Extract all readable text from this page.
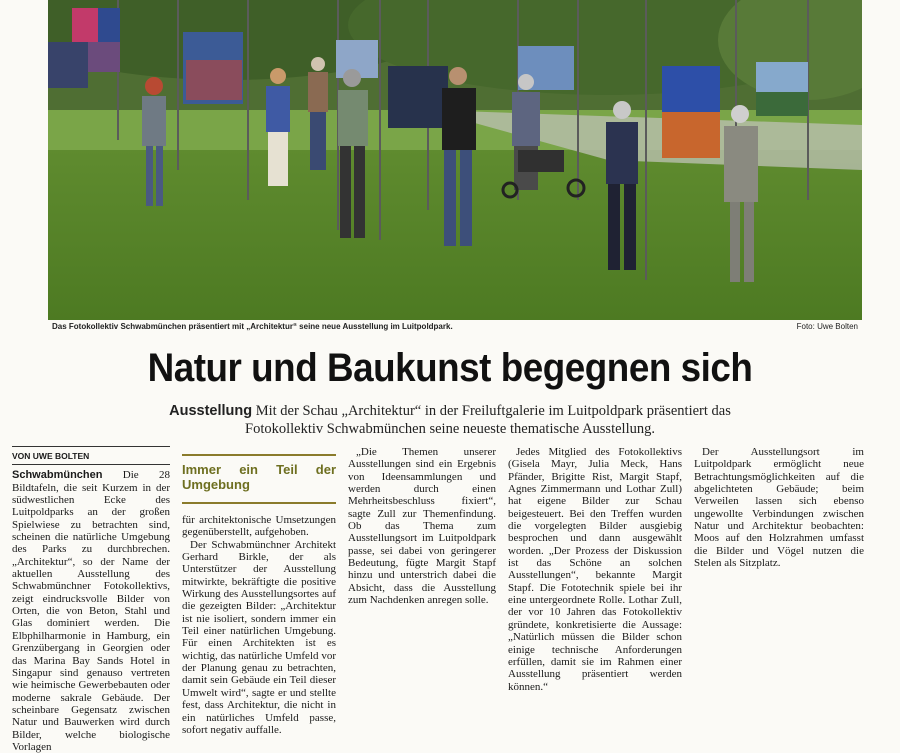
Das Fotokollektiv Schwabmünchen präsentiert mit „Architektur“ seine neue Ausstellung im Luitpoldpark.	Foto: Uwe Bolten
Natur und Baukunst begegnen sich
Ausstellung Mit der Schau „Architektur“ in der Freiluftgalerie im Luitpoldpark präsentiert das Fotokollektiv Schwabmünchen seine neueste thematische Ausstellung.
VON UWE BOLTEN

Schwabmünchen Die 28 Bildtafeln, die seit Kurzem in der südwestlichen Ecke des Luitpoldparks an der großen Spielwiese zu betrachten sind, scheinen die natürliche Umgebung des Parks zu durchbrechen. „Architektur“, so der Name der aktuellen Ausstellung des Schwabmünchner Fotokollektivs, zeigt eindrucksvolle Bilder von Orten, die von Beton, Stahl und Glas dominiert werden. Die Elbphilharmonie in Hamburg, ein Grenzübergang in Georgien oder das Marina Bay Sands Hotel in Singapur sind genauso vertreten wie heimische Gewerbebauten oder moderne sakrale Gebäude. Der scheinbare Gegensatz zwischen Natur und Bauwerken wird durch Bilder, welche biologische Vorlagen

Immer ein Teil der Umgebung

für architektonische Umsetzungen gegenüberstellt, aufgehoben.

Der Schwabmünchner Architekt Gerhard Birkle, der als Unterstützer der Ausstellung mitwirkte, bekräftigte die positive Wirkung des Ausstellungsortes auf die gezeigten Bilder: „Architektur ist nie isoliert, sondern immer ein Teil einer natürlichen Umgebung. Für einen Architekten ist es wichtig, das natürliche Umfeld vor der Planung genau zu betrachten, damit sein Gebäude ein Teil dieser Umwelt wird“, sagte er und stellte fest, dass Architektur, die nicht in ein natürliches Umfeld passe, sofort negativ auffalle.

„Die Themen unserer Ausstellungen sind ein Ergebnis von Ideensammlungen und werden durch einen Mehrheitsbeschluss fixiert“, sagte Zull zur Themenfindung. Ob das Thema zum Ausstellungsort im Luitpoldpark passe, sei dabei von geringerer Bedeutung, fügte Margit Stapf hinzu und unterstrich dabei die Absicht, dass die Ausstellung zum Nachdenken anregen solle.

Jedes Mitglied des Fotokollektivs (Gisela Mayr, Julia Meck, Hans Pfänder, Brigitte Rist, Margit Stapf, Agnes Zimmermann und Lothar Zull) hat eigene Bilder zur Schau beigesteuert. Bei den Treffen wurden die vorgelegten Bilder ausgiebig besprochen und dann ausgewählt worden. „Der Prozess der Diskussion ist das Schöne an solchen Ausstellungen“, bekannte Margit Stapf. Die Fototechnik spiele bei ihr eine untergeordnete Rolle. Lothar Zull, der vor 10 Jahren das Fotokollektiv gründete, konkretisierte die Aussage: „Natürlich müssen die Bilder schon einige technische Anforderungen erfüllen, damit sie im Rahmen einer Ausstellung präsentiert werden können.“

Der Ausstellungsort im Luitpoldpark ermöglicht neue Betrachtungsmöglichkeiten auf die abgelichteten Gebäude; beim Verweilen lassen sich ebenso ungewollte Verbindungen zwischen Natur und Architektur beobachten: Moos auf den Holzrahmen umfasst die Bilder und Vögel nutzen die Stelen als Sitzplatz.
